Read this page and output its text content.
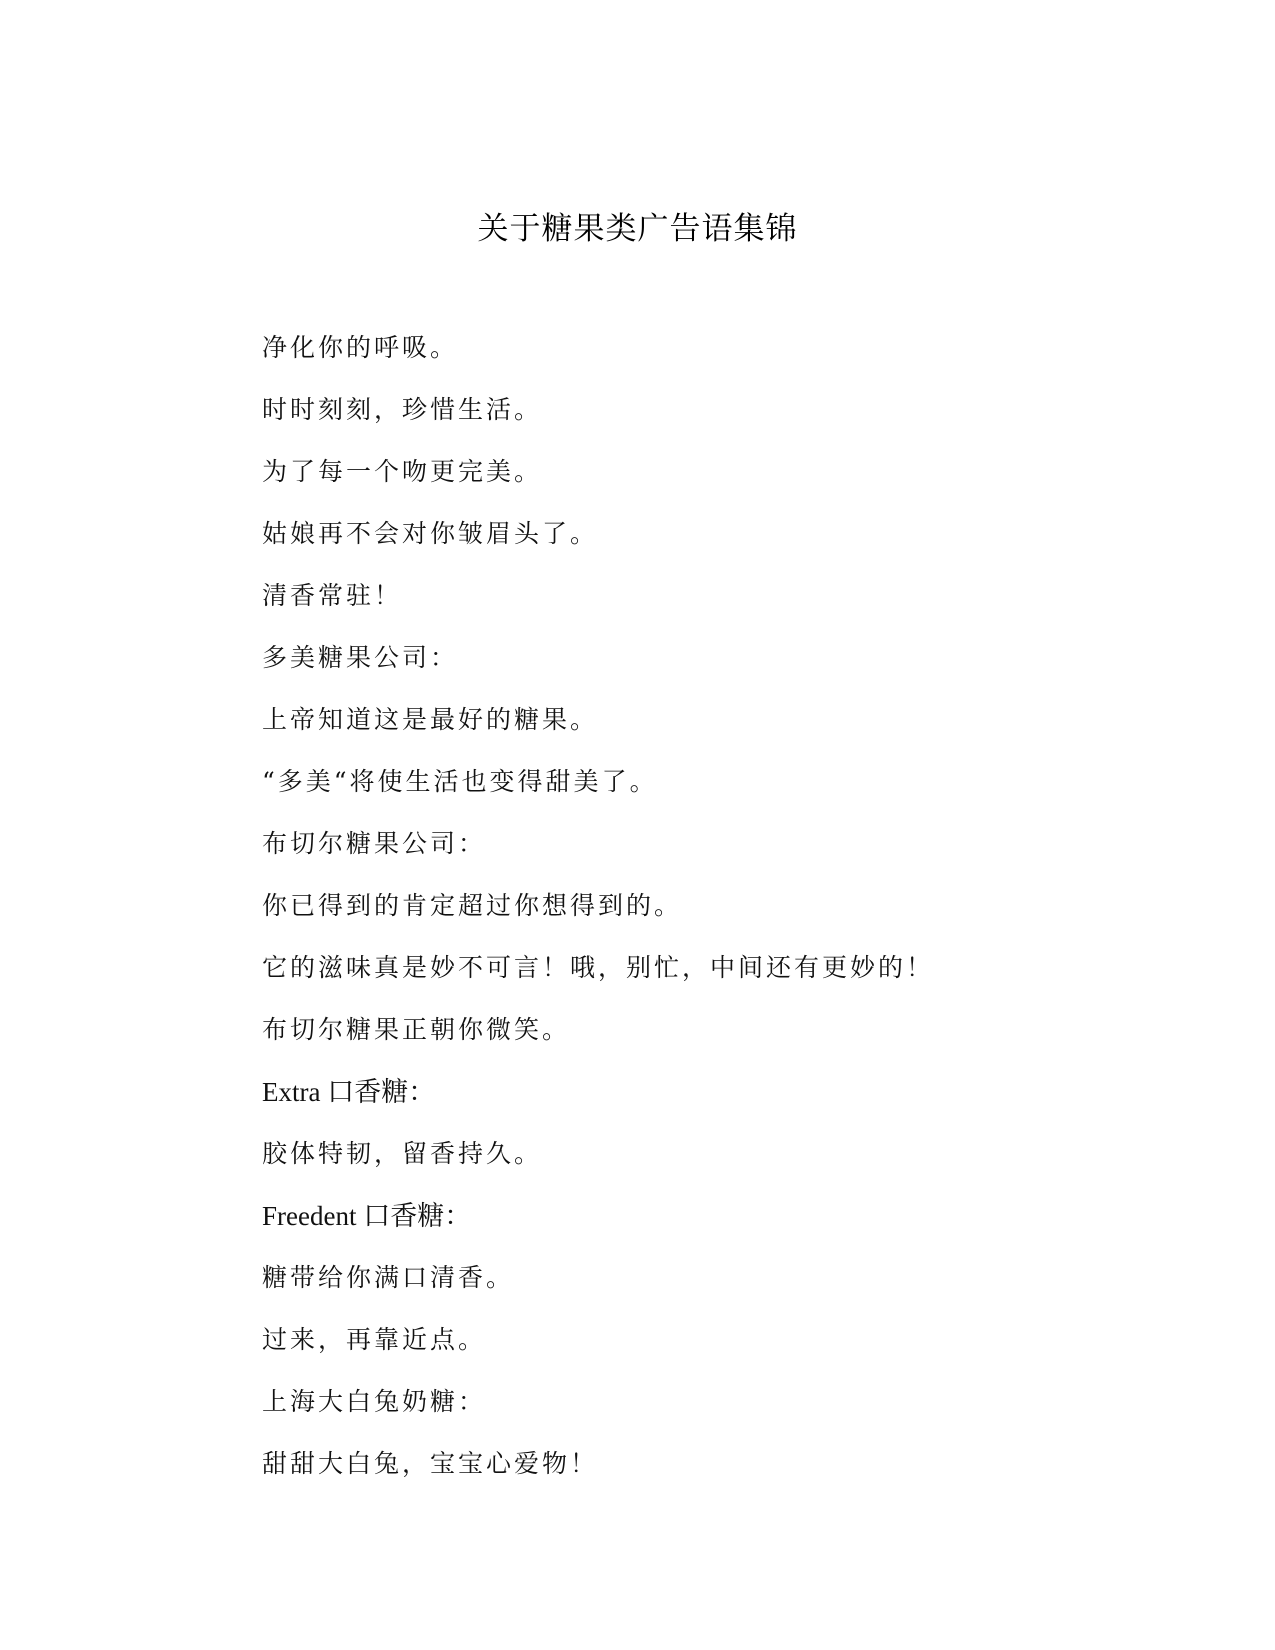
关于糖果类广告语集锦
净化你的呼吸。
时时刻刻，珍惜生活。
为了每一个吻更完美。
姑娘再不会对你皱眉头了。
清香常驻！
多美糖果公司：
上帝知道这是最好的糖果。
“多美“将使生活也变得甜美了。
布切尔糖果公司：
你已得到的肯定超过你想得到的。
它的滋味真是妙不可言！哦，别忙，中间还有更妙的！
布切尔糖果正朝你微笑。
Extra 口香糖：
胶体特韧，留香持久。
Freedent 口香糖：
糖带给你满口清香。
过来，再靠近点。
上海大白兔奶糖：
甜甜大白兔，宝宝心爱物！
